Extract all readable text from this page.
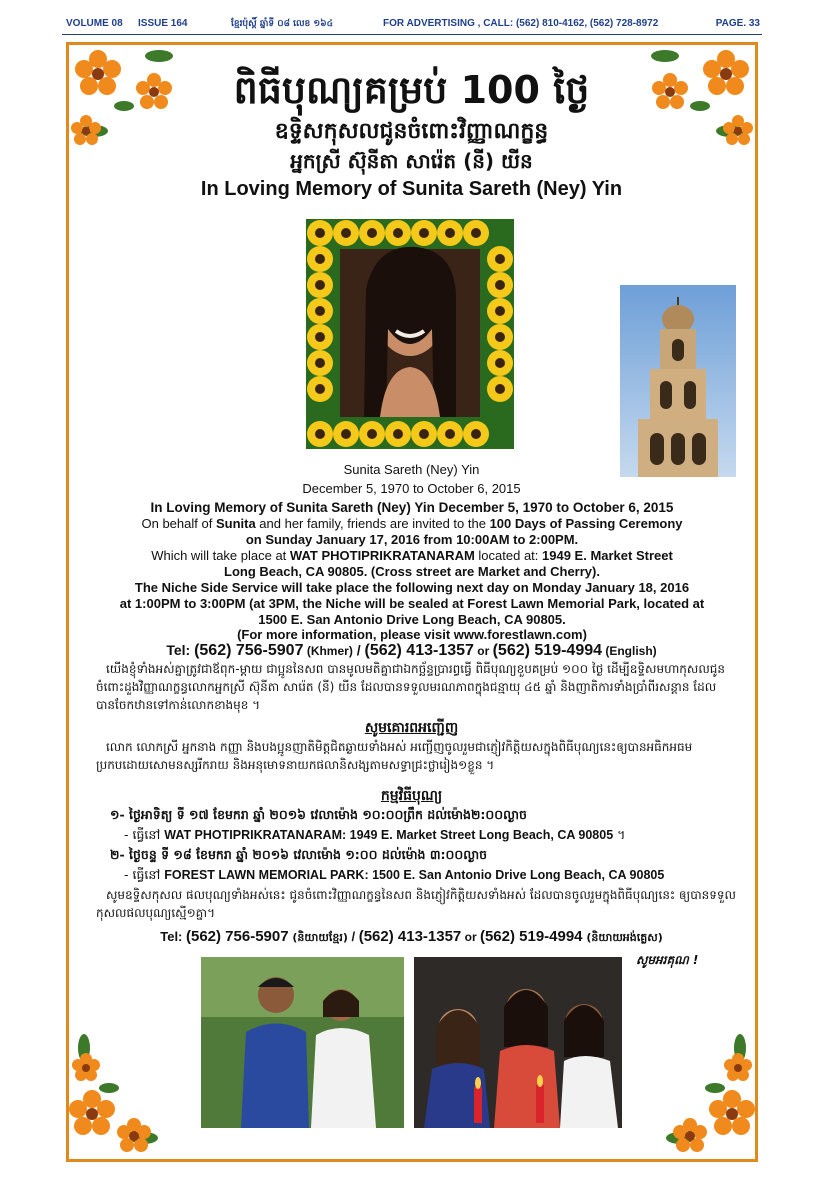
VOLUME 08 ISSUE 164	ខ្មែរប៉ុស្ដិ៍ ឆ្នាំទី ០៨ លេខ ១៦៤	FOR ADVERTISING , CALL: (562) 810-4162, (562) 728-8972	PAGE. 33
ពិធីបុណ្យគម្រប់ 100 ថ្ងៃ
ឧទ្ទិសកុសលជូនចំពោះវិញ្ញាណក្ខន្ធ
អ្នកស្រី ស៊ុនីតា សារ៉េត (នី) យីន
In Loving Memory of Sunita Sareth (Ney) Yin
Sunita Sareth (Ney) Yin
December 5, 1970 to October 6, 2015
In Loving Memory of Sunita Sareth (Ney) Yin December 5, 1970 to October 6, 2015
On behalf of Sunita and her family, friends are invited to the 100 Days of Passing Ceremony
on Sunday January 17, 2016 from 10:00AM to 2:00PM.
Which will take place at WAT PHOTIPRIKRATANARAM located at: 1949 E. Market Street
Long Beach, CA 90805. (Cross street are Market and Cherry).
The Niche Side Service will take place the following next day on Monday January 18, 2016
at 1:00PM to 3:00PM (at 3PM, the Niche will be sealed at Forest Lawn Memorial Park, located at
1500 E. San Antonio Drive Long Beach, CA 90805.
(For more information, please visit www.forestlawn.com)
Tel: (562) 756-5907 (Khmer) / (562) 413-1357 or (562) 519-4994 (English)
យើងខ្ញុំទាំងអស់គ្នាត្រូវជាឪពុក-ម្ដាយ ជាប្អូននៃសព បានមូលមតិគ្នាជាឯកច្ឆ័ន្ទប្រារព្ធធ្វើ ពិធីបុណ្យខួបគម្រប់ ១០០ ថ្ងៃ ដើម្បីឧទ្ទិសមហាកុសលជូនចំពោះដួងវិញ្ញាណក្ខន្ធលោកអ្នកស្រី ស៊ុនីតា សារ៉េត (នី) យីន ដែលបានទទួលមរណភាពក្នុងជន្មាយុ ៤៥ ឆ្នាំ និងញាតិការទាំងប្រាំពីរសន្តាន ដែលបានចែកឋានទៅកាន់លោកខាងមុខ ។
សូមគោរពអញ្ជើញ
លោក លោកស្រី អ្នកនាង កញ្ញា និងបងប្អូនញាតិមិត្តជិតឆ្ងាយទាំងអស់ អញ្ជើញចូលរួមជាភ្ញៀវកិត្តិយសក្នុងពិធីបុណ្យនេះឲ្យបានអធិកអធម ប្រកបដោយសោមនស្សរីករាយ និងអនុមោទនាយកផលានិសង្សតាមសទ្ធាជ្រះថ្លារៀង១ខ្លួន ។
កម្មវិធីបុណ្យ
១- ថ្ងៃអាទិត្យ ទី ១៧ ខែមករា ឆ្នាំ ២០១៦ វេលាម៉ោង ១០:០០ព្រឹក ដល់ម៉ោង២:០០ល្ងាច
- ធ្វើនៅ WAT PHOTIPRIKRATANARAM: 1949 E. Market Street Long Beach, CA 90805 ។
២- ថ្ងៃចន្ទ ទី ១៨ ខែមករា ឆ្នាំ ២០១៦ វេលាម៉ោង ១:០០ ដល់ម៉ោង ៣:០០ល្ងាច
- ធ្វើនៅ FOREST LAWN MEMORIAL PARK: 1500 E. San Antonio Drive Long Beach, CA 90805
សូមឧទ្ទិសកុសល ផលបុណ្យទាំងអស់នេះ ជូនចំពោះវិញ្ញាណក្ខន្ធនៃសព និងភ្ញៀវកិត្តិយសទាំងអស់ ដែលបានចូលរួមក្នុងពិធីបុណ្យនេះ ឲ្យបានទទួលកុសលផលបុណ្យស្មើ១គ្នា។
Tel: (562) 756-5907 (និយាយខ្មែរ) / (562) 413-1357 or (562) 519-4994 (និយាយអង់គ្លេស)
សូមអរគុណ !
